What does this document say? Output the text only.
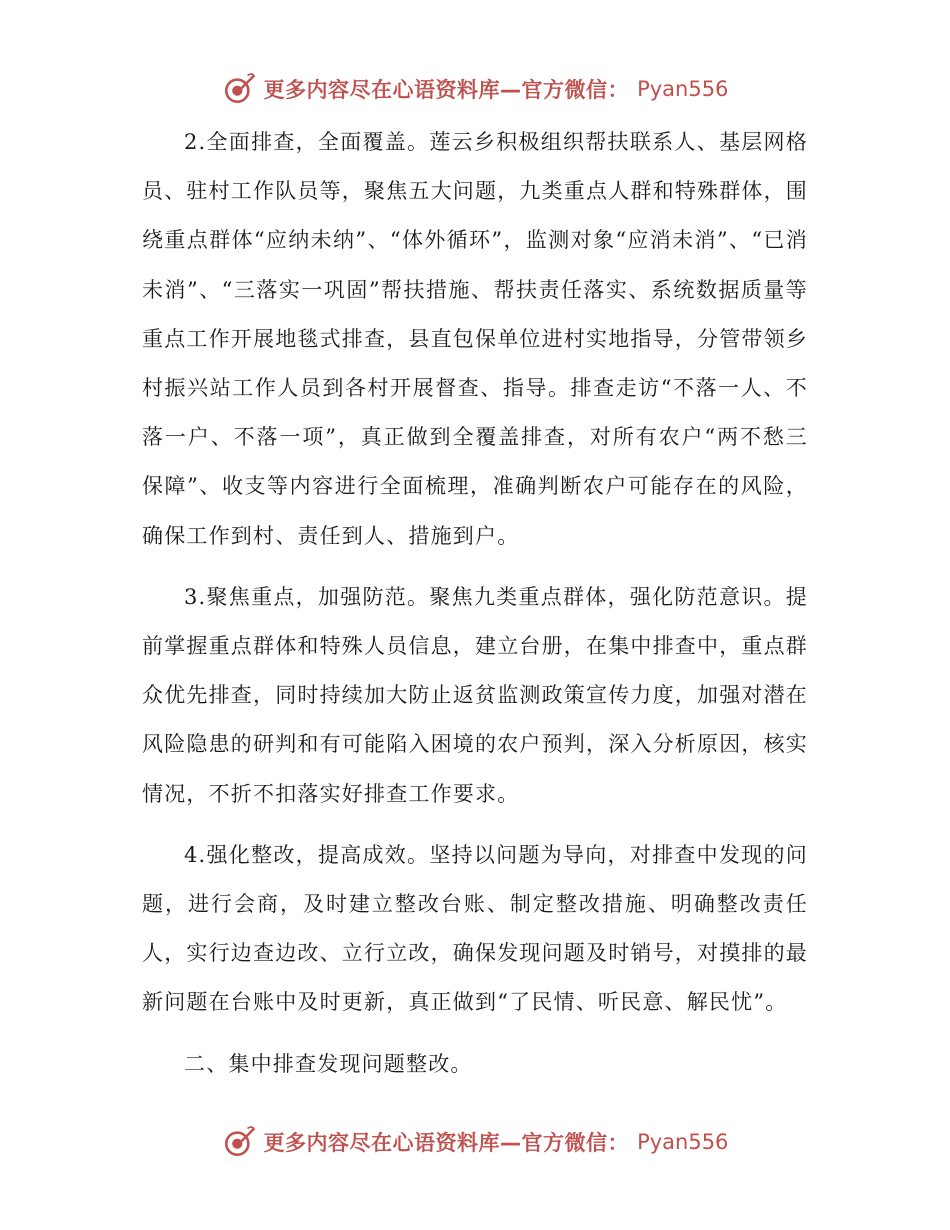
更多内容尽在心语资料库—官方微信： Pyan556

2.全面排查，全面覆盖。莲云乡积极组织帮扶联系人、基层网格员、驻村工作队员等，聚焦五大问题，九类重点人群和特殊群体，围绕重点群体“应纳未纳”、“体外循环”，监测对象“应消未消”、“已消未消”、“三落实一巩固”帮扶措施、帮扶责任落实、系统数据质量等重点工作开展地毯式排查，县直包保单位进村实地指导，分管带领乡村振兴站工作人员到各村开展督查、指导。排查走访“不落一人、不落一户、不落一项”，真正做到全覆盖排查，对所有农户“两不愁三保障”、收支等内容进行全面梳理，准确判断农户可能存在的风险，确保工作到村、责任到人、措施到户。

3.聚焦重点，加强防范。聚焦九类重点群体，强化防范意识。提前掌握重点群体和特殊人员信息，建立台册，在集中排查中，重点群众优先排查，同时持续加大防止返贫监测政策宣传力度，加强对潜在风险隐患的研判和有可能陷入困境的农户预判，深入分析原因，核实情况，不折不扣落实好排查工作要求。

4.强化整改，提高成效。坚持以问题为导向，对排查中发现的问题，进行会商，及时建立整改台账、制定整改措施、明确整改责任人，实行边查边改、立行立改，确保发现问题及时销号，对摸排的最新问题在台账中及时更新，真正做到“了民情、听民意、解民忧”。

二、集中排查发现问题整改。

更多内容尽在心语资料库—官方微信： Pyan556
